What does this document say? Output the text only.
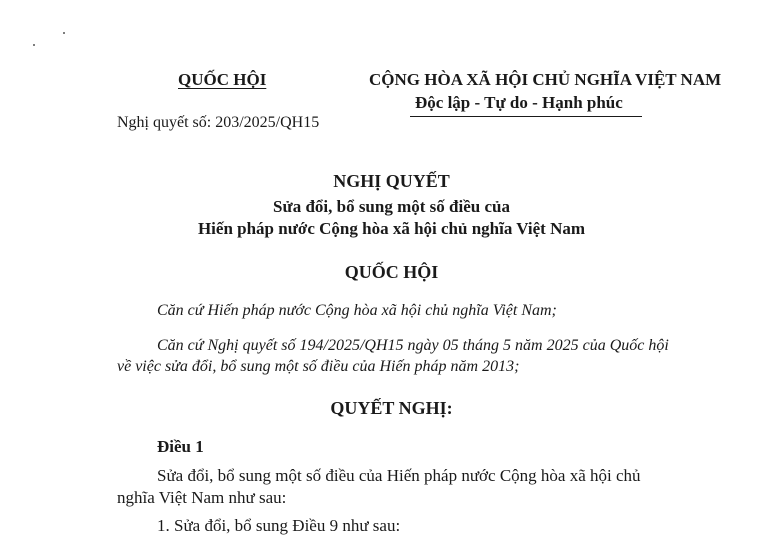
QUỐC HỘI
Nghị quyết số: 203/2025/QH15
CỘNG HÒA XÃ HỘI CHỦ NGHĨA VIỆT NAM
Độc lập - Tự do - Hạnh phúc
NGHỊ QUYẾT
Sửa đổi, bổ sung một số điều của
Hiến pháp nước Cộng hòa xã hội chủ nghĩa Việt Nam
QUỐC HỘI
Căn cứ Hiến pháp nước Cộng hòa xã hội chủ nghĩa Việt Nam;
Căn cứ Nghị quyết số 194/2025/QH15 ngày 05 tháng 5 năm 2025 của Quốc hội
về việc sửa đổi, bổ sung một số điều của Hiến pháp năm 2013;
QUYẾT NGHỊ:
Điều 1
Sửa đổi, bổ sung một số điều của Hiến pháp nước Cộng hòa xã hội chủ
nghĩa Việt Nam như sau:
1. Sửa đổi, bổ sung Điều 9 như sau:
